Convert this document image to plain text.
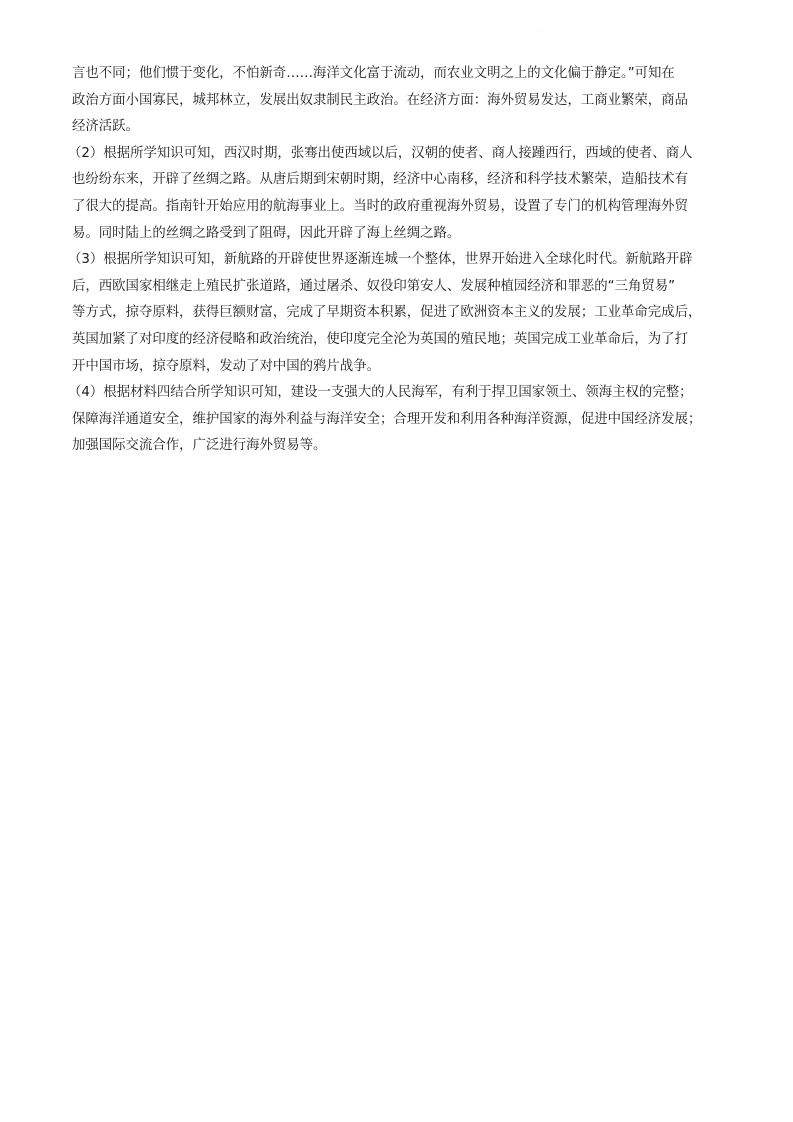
·

言也不同；他们惯于变化，不怕新奇……海洋文化富于流动，而农业文明之上的文化偏于静定。”可知在
政治方面小国寡民，城邦林立，发展出奴隶制民主政治。在经济方面：海外贸易发达，工商业繁荣，商品
经济活跃。

（2）根据所学知识可知，西汉时期，张骞出使西域以后，汉朝的使者、商人接踵西行，西域的使者、商人
也纷纷东来，开辟了丝绸之路。从唐后期到宋朝时期，经济中心南移，经济和科学技术繁荣，造船技术有
了很大的提高。指南针开始应用的航海事业上。当时的政府重视海外贸易，设置了专门的机构管理海外贸
易。同时陆上的丝绸之路受到了阻碍，因此开辟了海上丝绸之路。

（3）根据所学知识可知，新航路的开辟使世界逐渐连城一个整体，世界开始进入全球化时代。新航路开辟
后，西欧国家相继走上殖民扩张道路，通过屠杀、奴役印第安人、发展种植园经济和罪恶的“三角贸易”
等方式，掠夺原料，获得巨额财富，完成了早期资本积累，促进了欧洲资本主义的发展；工业革命完成后，
英国加紧了对印度的经济侵略和政治统治，使印度完全沦为英国的殖民地；英国完成工业革命后，为了打
开中国市场，掠夺原料，发动了对中国的鸦片战争。

（4）根据材料四结合所学知识可知，建设一支强大的人民海军，有利于捍卫国家领土、领海主权的完整；
保障海洋通道安全，维护国家的海外利益与海洋安全；合理开发和利用各种海洋资源，促进中国经济发展；
加强国际交流合作，广泛进行海外贸易等。
